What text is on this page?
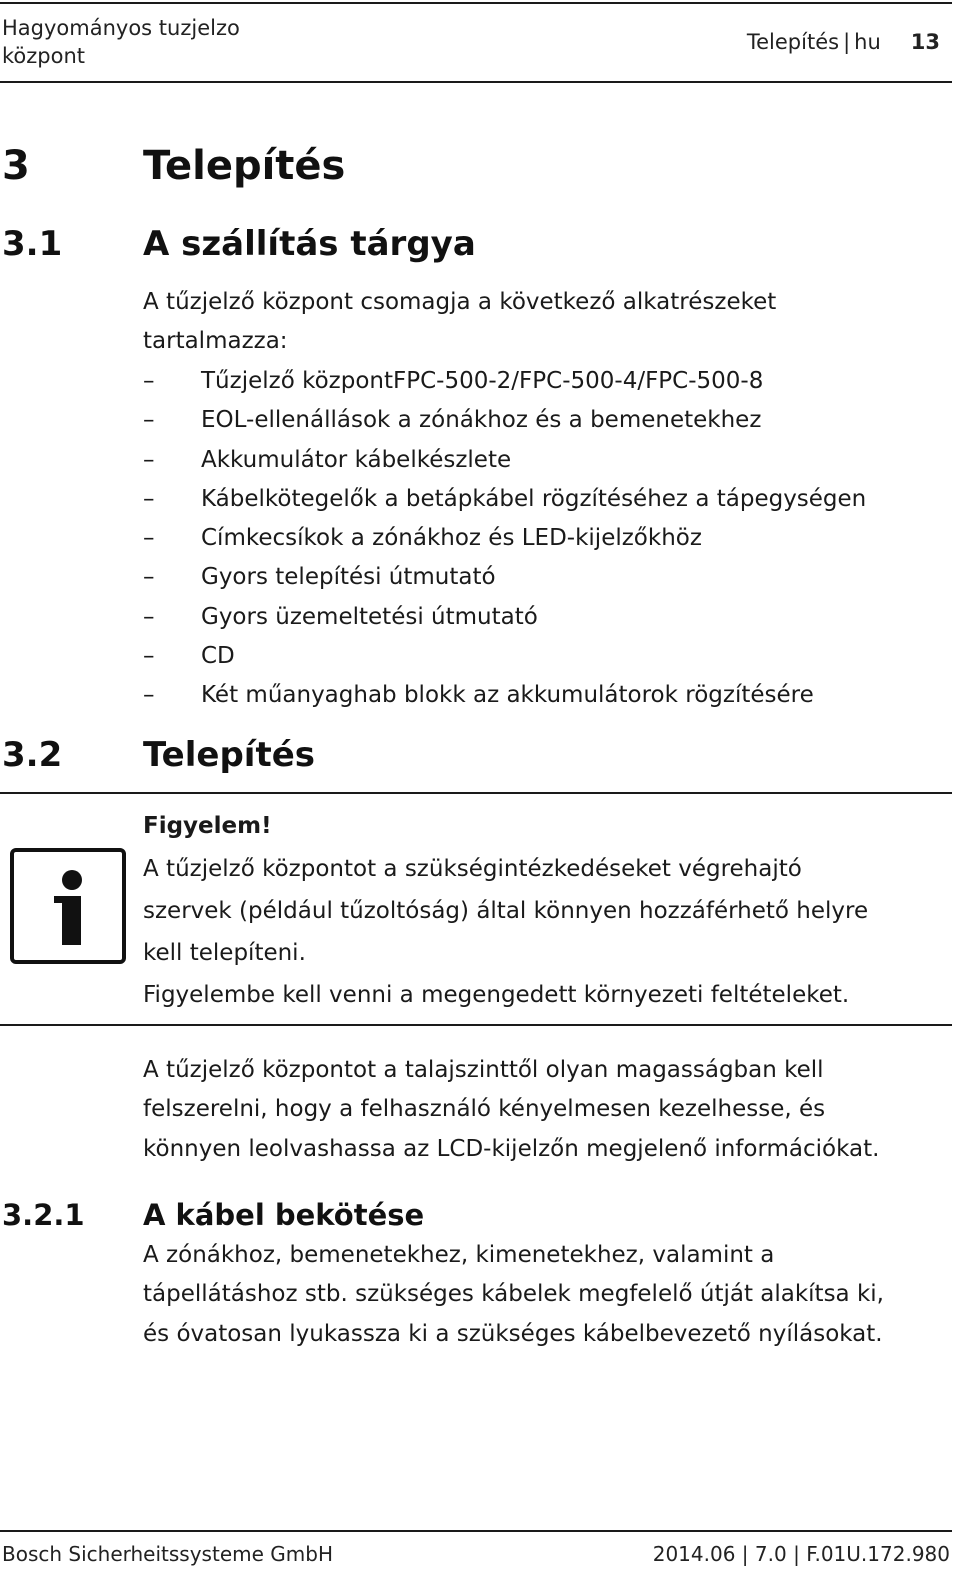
Hagyományos tuzjelzo központ
Telepítés | hu 13
3	Telepítés
3.1 A szállítás tárgya
A tűzjelző központ csomagja a következő alkatrészeket
tartalmazza:
–	Tűzjelző központFPC-500-2/FPC-500-4/FPC-500-8
–	EOL-ellenállások a zónákhoz és a bemenetekhez
–	Akkumulátor kábelkészlete
–	Kábelkötegelők a betápkábel rögzítéséhez a tápegységen
–	Címkecsíkok a zónákhoz és LED-kijelzőkhöz
–	Gyors telepítési útmutató
–	Gyors üzemeltetési útmutató
–	CD
–	Két műanyaghab blokk az akkumulátorok rögzítésére
3.2 Telepítés
Figyelem!
A tűzjelző központot a szükségintézkedéseket végrehajtó
szervek (például tűzoltóság) által könnyen hozzáférhető helyre
kell telepíteni.
Figyelembe kell venni a megengedett környezeti feltételeket.
A tűzjelző központot a talajszinttől olyan magasságban kell
felszerelni, hogy a felhasználó kényelmesen kezelhesse, és
könnyen leolvashassa az LCD-kijelzőn megjelenő információkat.
3.2.1 A kábel bekötése
A zónákhoz, bemenetekhez, kimenetekhez, valamint a
tápellátáshoz stb. szükséges kábelek megfelelő útját alakítsa ki,
és óvatosan lyukassza ki a szükséges kábelbevezető nyílásokat.
Bosch Sicherheitssysteme GmbH	2014.06 | 7.0 | F.01U.172.980
